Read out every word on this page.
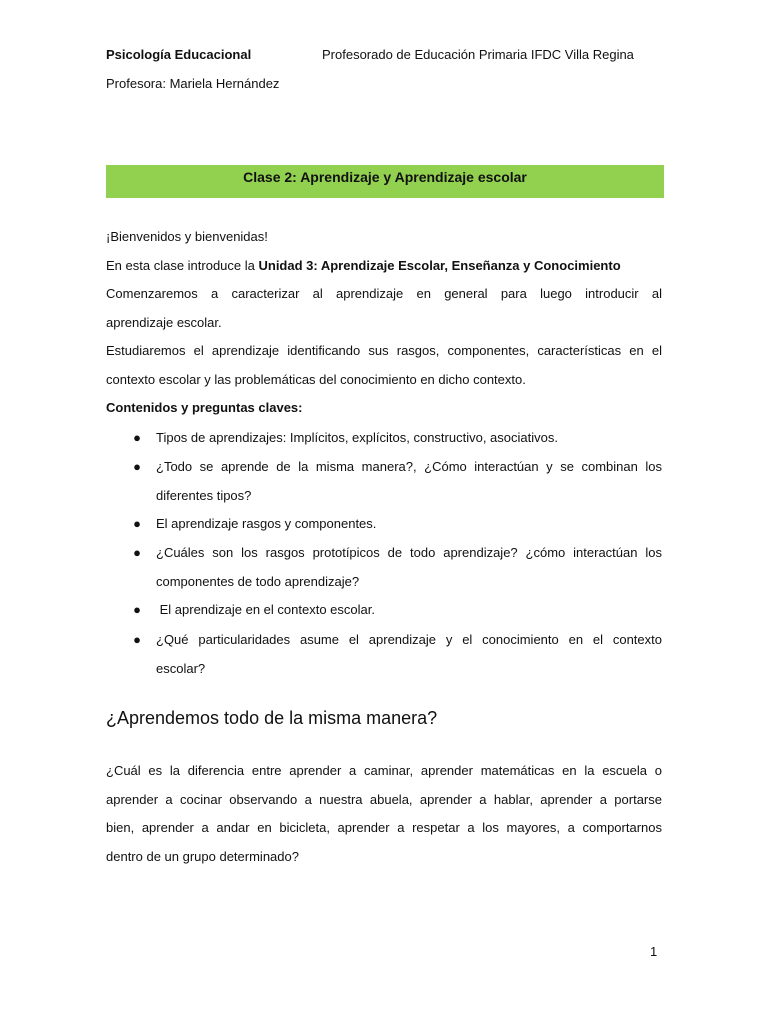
Psicología Educacional	Profesorado de Educación Primaria IFDC Villa Regina
Profesora: Mariela Hernández
Clase 2: Aprendizaje y Aprendizaje escolar
¡Bienvenidos y bienvenidas!
En esta clase introduce la Unidad 3: Aprendizaje Escolar, Enseñanza y Conocimiento
Comenzaremos a caracterizar al aprendizaje en general para luego introducir al
aprendizaje escolar.
Estudiaremos el aprendizaje identificando sus rasgos, componentes, características en el
contexto escolar y las problemáticas del conocimiento en dicho contexto.
Contenidos y preguntas claves:
● Tipos de aprendizajes: Implícitos, explícitos, constructivo, asociativos.
● ¿Todo se aprende de la misma manera?, ¿Cómo interactúan y se combinan los
diferentes tipos?
● El aprendizaje rasgos y componentes.
● ¿Cuáles son los rasgos prototípicos de todo aprendizaje? ¿cómo interactúan los
componentes de todo aprendizaje?
● El aprendizaje en el contexto escolar.
● ¿Qué particularidades asume el aprendizaje y el conocimiento en el contexto
escolar?
¿Aprendemos todo de la misma manera?
¿Cuál es la diferencia entre aprender a caminar, aprender matemáticas en la escuela o
aprender a cocinar observando a nuestra abuela, aprender a hablar, aprender a portarse
bien, aprender a andar en bicicleta, aprender a respetar a los mayores, a comportarnos
dentro de un grupo determinado?
1
